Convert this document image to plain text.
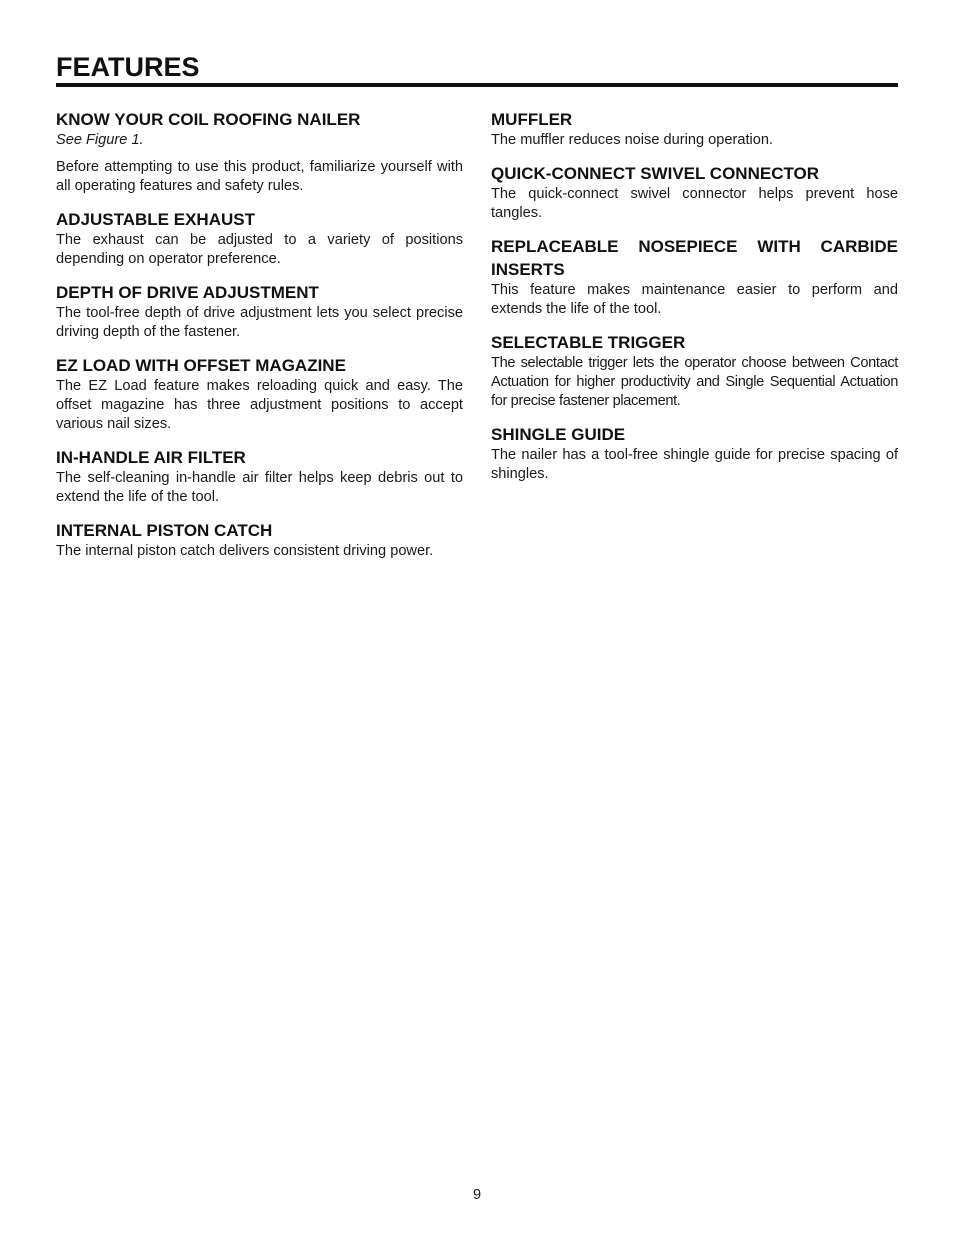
FEATURES
KNOW YOUR COIL ROOFING NAILER

See Figure 1.

Before attempting to use this product, familiarize yourself with all operating features and safety rules.

ADJUSTABLE EXHAUST

The exhaust can be adjusted to a variety of positions depending on operator preference.

DEPTH OF DRIVE ADJUSTMENT

The tool-free depth of drive adjustment lets you select precise driving depth of the fastener.

EZ LOAD WITH OFFSET MAGAZINE

The EZ Load feature makes reloading quick and easy. The offset magazine has three adjustment positions to accept various nail sizes.

IN-HANDLE AIR FILTER

The self-cleaning in-handle air filter helps keep debris out to extend the life of the tool.

INTERNAL PISTON CATCH

The internal piston catch delivers consistent driving power.

MUFFLER

The muffler reduces noise during operation.

QUICK-CONNECT SWIVEL CONNECTOR

The quick-connect swivel connector helps prevent hose tangles.

REPLACEABLE NOSEPIECE WITH CARBIDE INSERTS

This feature makes maintenance easier to perform and extends the life of the tool.

SELECTABLE TRIGGER

The selectable trigger lets the operator choose between Contact Actuation for higher productivity and Single Sequential Actuation for precise fastener placement.

SHINGLE GUIDE

The nailer has a tool-free shingle guide for precise spacing of shingles.

9
